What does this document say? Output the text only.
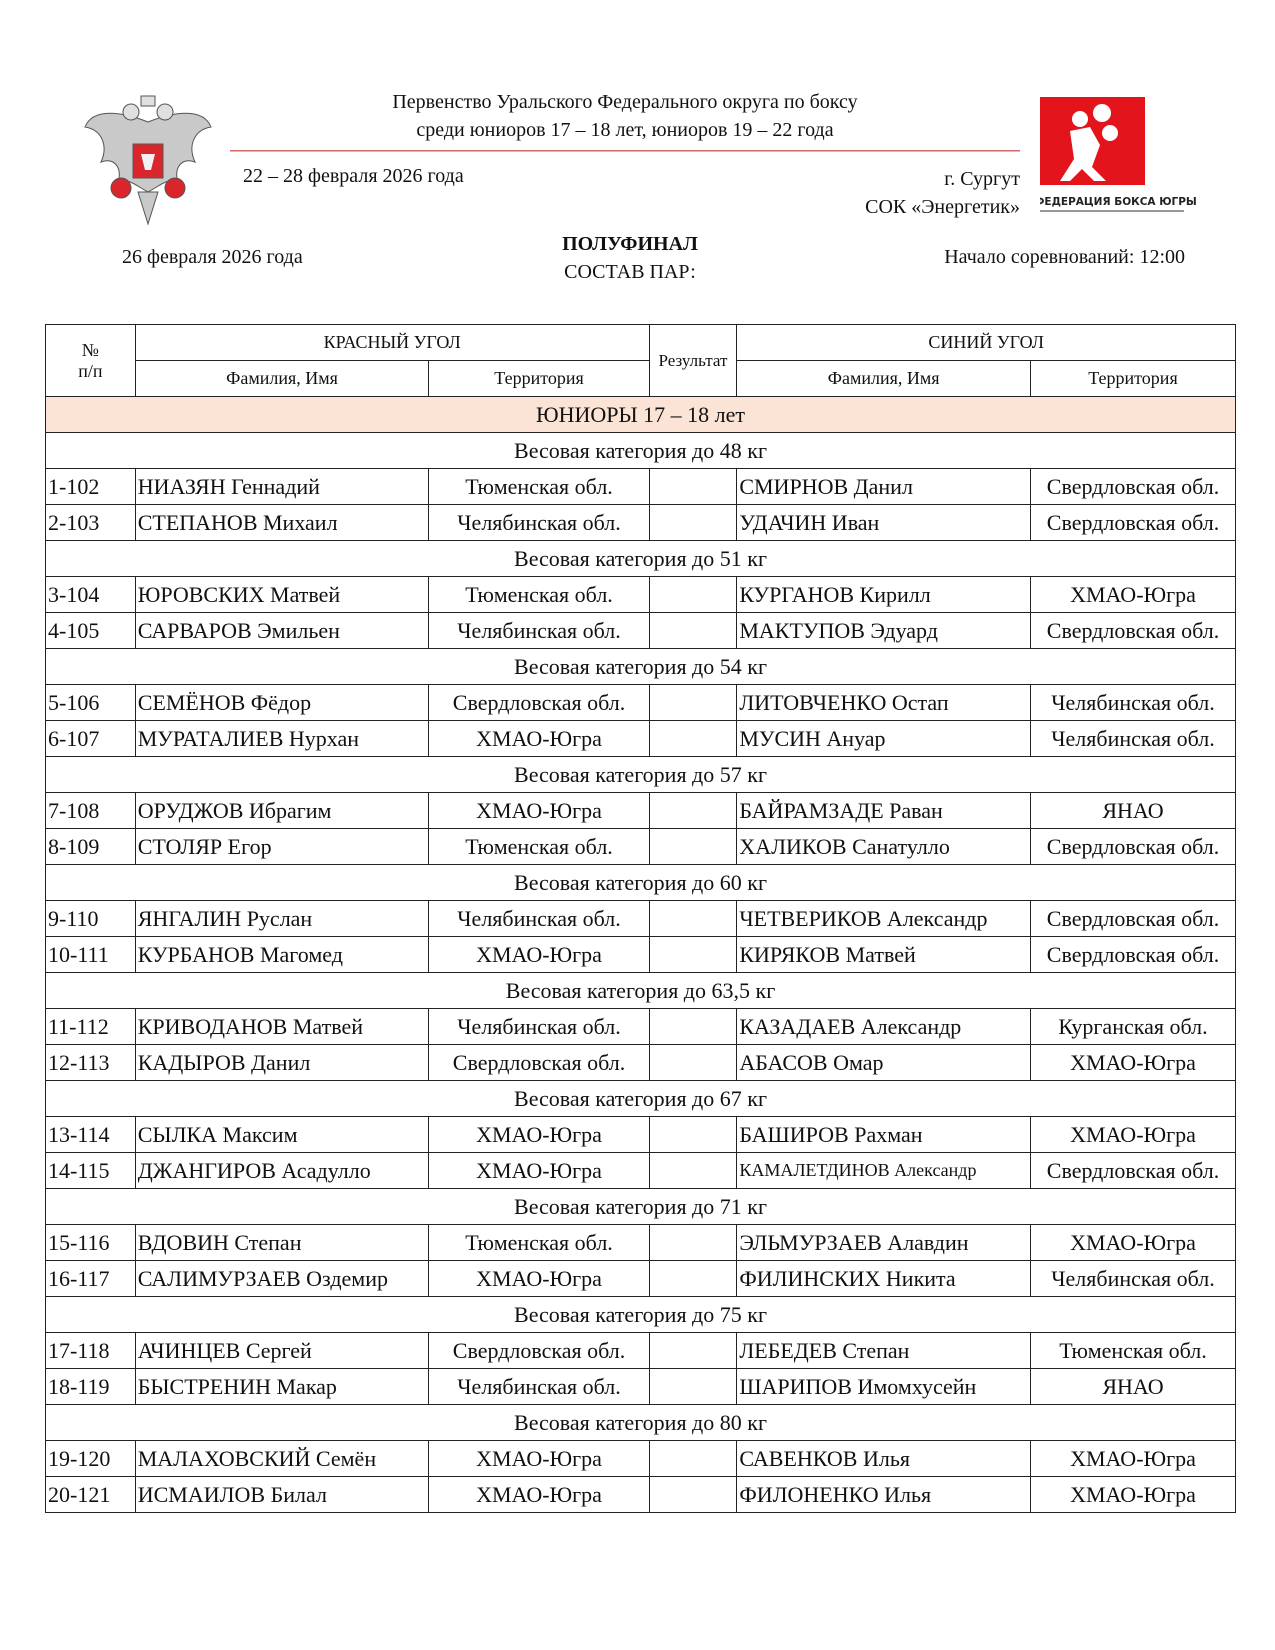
ФЕДЕРАЦИЯ БОКСА ЮГРЫ
Первенство Уральского Федерального округа по боксу
среди юниоров 17 – 18 лет, юниоров 19 – 22 года
22 – 28 февраля 2026 года	г. Сургут
СОК «Энергетик»
26 февраля 2026 года
ПОЛУФИНАЛ
СОСТАВ ПАР:
Начало соревнований: 12:00
№
п/п	КРАСНЫЙ УГОЛ		Результат	СИНИЙ УГОЛ	
	Фамилия, Имя	Территория		Фамилия, Имя	Территория
ЮНИОРЫ 17 – 18 лет					
Весовая категория до 48 кг					
1-102	НИАЗЯН Геннадий	Тюменская обл.		СМИРНОВ Данил	Свердловская обл.
2-103	СТЕПАНОВ Михаил	Челябинская обл.		УДАЧИН Иван	Свердловская обл.
Весовая категория до 51 кг					
3-104	ЮРОВСКИХ Матвей	Тюменская обл.		КУРГАНОВ Кирилл	ХМАО-Югра
4-105	САРВАРОВ Эмильен	Челябинская обл.		МАКТУПОВ Эдуард	Свердловская обл.
Весовая категория до 54 кг					
5-106	СЕМЁНОВ Фёдор	Свердловская обл.		ЛИТОВЧЕНКО Остап	Челябинская обл.
6-107	МУРАТАЛИЕВ Нурхан	ХМАО-Югра		МУСИН Ануар	Челябинская обл.
Весовая категория до 57 кг					
7-108	ОРУДЖОВ Ибрагим	ХМАО-Югра		БАЙРАМЗАДЕ Раван	ЯНАО
8-109	СТОЛЯР Егор	Тюменская обл.		ХАЛИКОВ Санатулло	Свердловская обл.
Весовая категория до 60 кг					
9-110	ЯНГАЛИН Руслан	Челябинская обл.		ЧЕТВЕРИКОВ Александр	Свердловская обл.
10-111	КУРБАНОВ Магомед	ХМАО-Югра		КИРЯКОВ Матвей	Свердловская обл.
Весовая категория до 63,5 кг					
11-112	КРИВОДАНОВ Матвей	Челябинская обл.		КАЗАДАЕВ Александр	Курганская обл.
12-113	КАДЫРОВ Данил	Свердловская обл.		АБАСОВ Омар	ХМАО-Югра
Весовая категория до 67 кг					
13-114	СЫЛКА Максим	ХМАО-Югра		БАШИРОВ Рахман	ХМАО-Югра
14-115	ДЖАНГИРОВ Асадулло	ХМАО-Югра		КАМАЛЕТДИНОВ Александр	Свердловская обл.
Весовая категория до 71 кг					
15-116	ВДОВИН Степан	Тюменская обл.		ЭЛЬМУРЗАЕВ Алавдин	ХМАО-Югра
16-117	САЛИМУРЗАЕВ Оздемир	ХМАО-Югра		ФИЛИНСКИХ Никита	Челябинская обл.
Весовая категория до 75 кг					
17-118	АЧИНЦЕВ Сергей	Свердловская обл.		ЛЕБЕДЕВ Степан	Тюменская обл.
18-119	БЫСТРЕНИН Макар	Челябинская обл.		ШАРИПОВ Имомхусейн	ЯНАО
Весовая категория до 80 кг					
19-120	МАЛАХОВСКИЙ Семён	ХМАО-Югра		САВЕНКОВ Илья	ХМАО-Югра
20-121	ИСМАИЛОВ Билал	ХМАО-Югра		ФИЛОНЕНКО Илья	ХМАО-Югра
